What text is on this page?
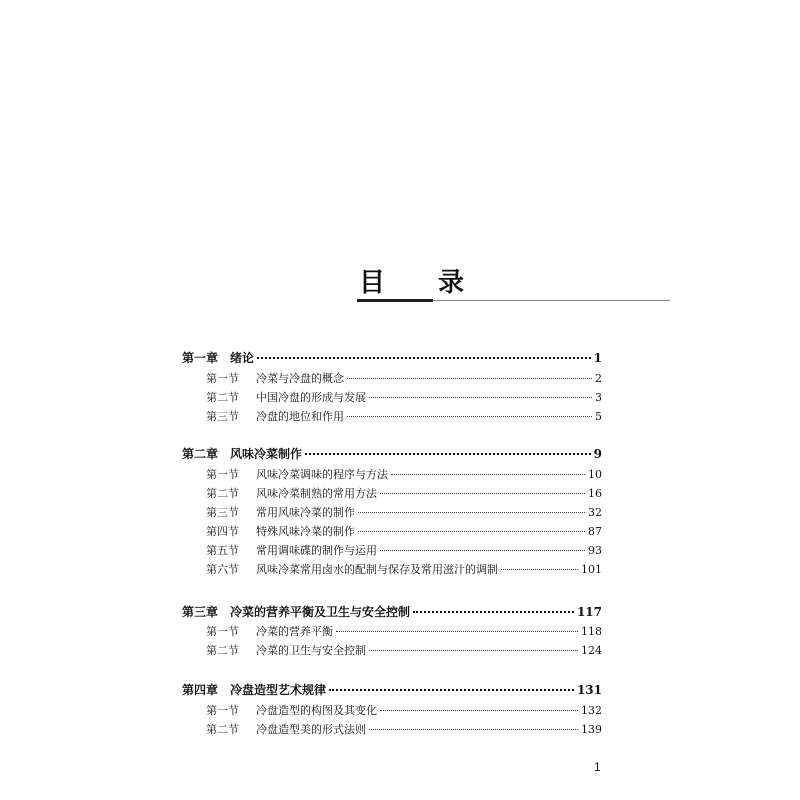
目 录
第一章 绪论	1
第一节	冷菜与冷盘的概念	2
第二节	中国冷盘的形成与发展	3
第三节	冷盘的地位和作用	5
第二章 风味冷菜制作	9
第一节	风味冷菜调味的程序与方法	10
第二节	风味冷菜制熟的常用方法	16
第三节	常用风味冷菜的制作	32
第四节	特殊风味冷菜的制作	87
第五节	常用调味碟的制作与运用	93
第六节	风味冷菜常用卤水的配制与保存及常用滋汁的调制	101
第三章 冷菜的营养平衡及卫生与安全控制	117
第一节	冷菜的营养平衡	118
第二节	冷菜的卫生与安全控制	124
第四章 冷盘造型艺术规律	131
第一节	冷盘造型的构图及其变化	132
第二节	冷盘造型美的形式法则	139
1
